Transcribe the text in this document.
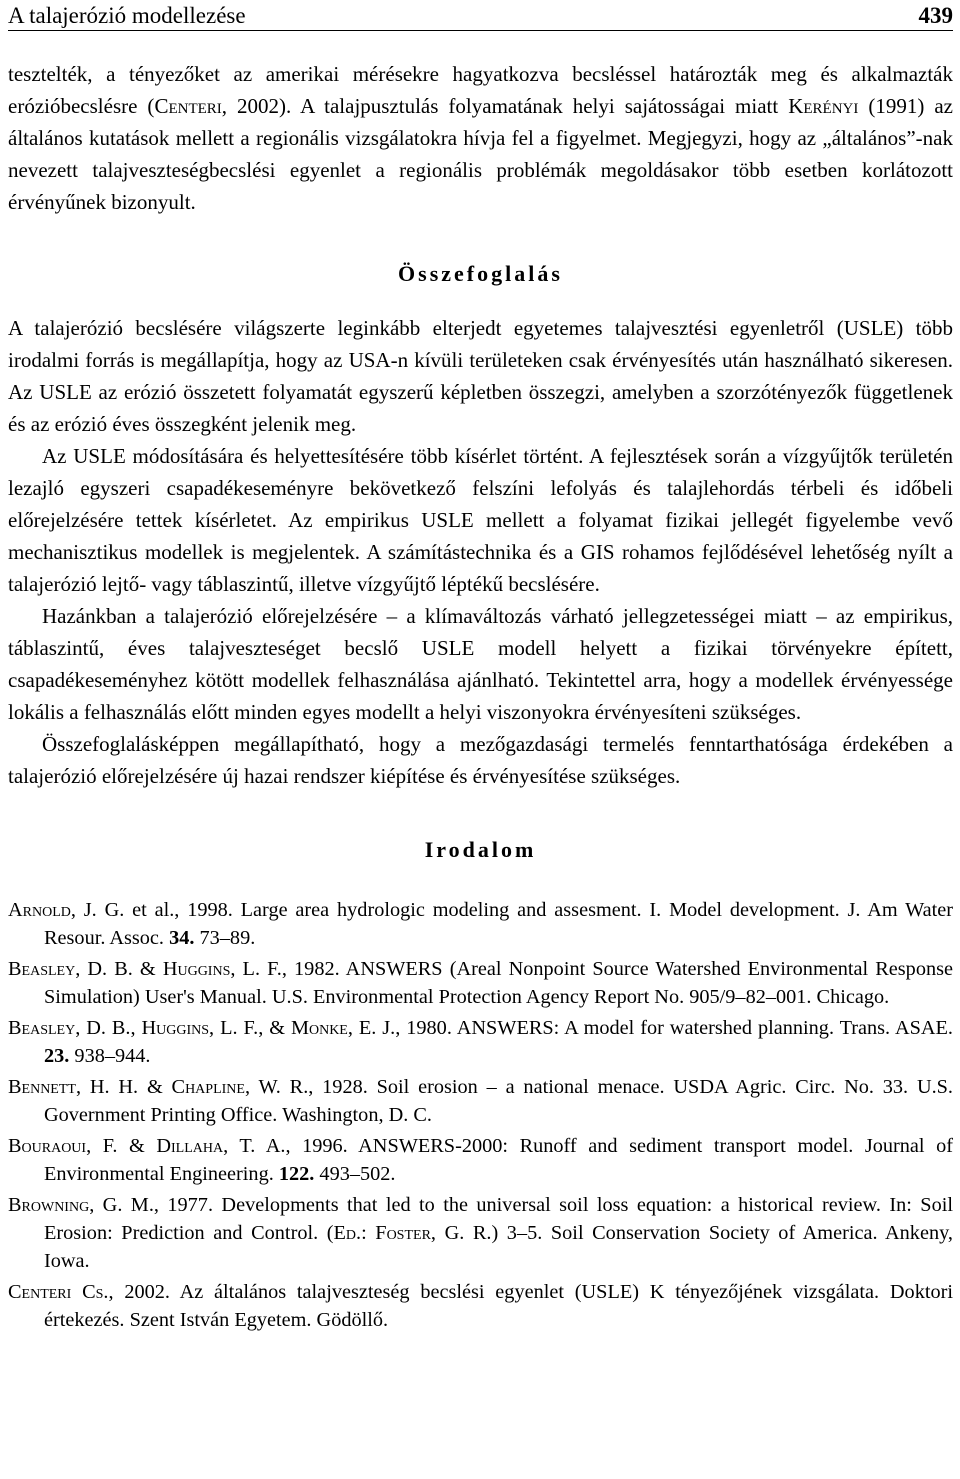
A talajerózió modellezése	439

tesztelték, a tényezőket az amerikai mérésekre hagyatkozva becsléssel határozták meg és alkalmazták erózióbecslésre (Centeri, 2002). A talajpusztulás folyamatának helyi sajátosságai miatt Kerényi (1991) az általános kutatások mellett a regionális vizsgálatokra hívja fel a figyelmet. Megjegyzi, hogy az „általános”-nak nevezett talajveszteségbecslési egyenlet a regionális problémák megoldásakor több esetben korlátozott érvényűnek bizonyult.

Összefoglalás

A talajerózió becslésére világszerte leginkább elterjedt egyetemes talajvesztési egyenletről (USLE) több irodalmi forrás is megállapítja, hogy az USA-n kívüli területeken csak érvényesítés után használható sikeresen. Az USLE az erózió összetett folyamatát egyszerű képletben összegzi, amelyben a szorzótényezők függetlenek és az erózió éves összegként jelenik meg.

Az USLE módosítására és helyettesítésére több kísérlet történt. A fejlesztések során a vízgyűjtők területén lezajló egyszeri csapadékeseményre bekövetkező felszíni lefolyás és talajlehordás térbeli és időbeli előrejelzésére tettek kísérletet. Az empirikus USLE mellett a folyamat fizikai jellegét figyelembe vevő mechanisztikus modellek is megjelentek. A számítástechnika és a GIS rohamos fejlődésével lehetőség nyílt a talajerózió lejtő- vagy táblaszintű, illetve vízgyűjtő léptékű becslésére.

Hazánkban a talajerózió előrejelzésére – a klímaváltozás várható jellegzetességei miatt – az empirikus, táblaszintű, éves talajveszteséget becslő USLE modell helyett a fizikai törvényekre épített, csapadékeseményhez kötött modellek felhasználása ajánlható. Tekintettel arra, hogy a modellek érvényessége lokális a felhasználás előtt minden egyes modellt a helyi viszonyokra érvényesíteni szükséges.

Összefoglalásképpen megállapítható, hogy a mezőgazdasági termelés fenntarthatósága érdekében a talajerózió előrejelzésére új hazai rendszer kiépítése és érvényesítése szükséges.

Irodalom

Arnold, J. G. et al., 1998. Large area hydrologic modeling and assesment. I. Model development. J. Am Water Resour. Assoc. 34. 73–89.

Beasley, D. B. & Huggins, L. F., 1982. ANSWERS (Areal Nonpoint Source Watershed Environmental Response Simulation) User's Manual. U.S. Environmental Protection Agency Report No. 905/9–82–001. Chicago.

Beasley, D. B., Huggins, L. F., & Monke, E. J., 1980. ANSWERS: A model for watershed planning. Trans. ASAE. 23. 938–944.

Bennett, H. H. & Chapline, W. R., 1928. Soil erosion – a national menace. USDA Agric. Circ. No. 33. U.S. Government Printing Office. Washington, D. C.

Bouraoui, F. & Dillaha, T. A., 1996. ANSWERS-2000: Runoff and sediment transport model. Journal of Environmental Engineering. 122. 493–502.

Browning, G. M., 1977. Developments that led to the universal soil loss equation: a historical review. In: Soil Erosion: Prediction and Control. (Ed.: Foster, G. R.) 3–5. Soil Conservation Society of America. Ankeny, Iowa.

Centeri Cs., 2002. Az általános talajveszteség becslési egyenlet (USLE) K tényezőjének vizsgálata. Doktori értekezés. Szent István Egyetem. Gödöllő.
